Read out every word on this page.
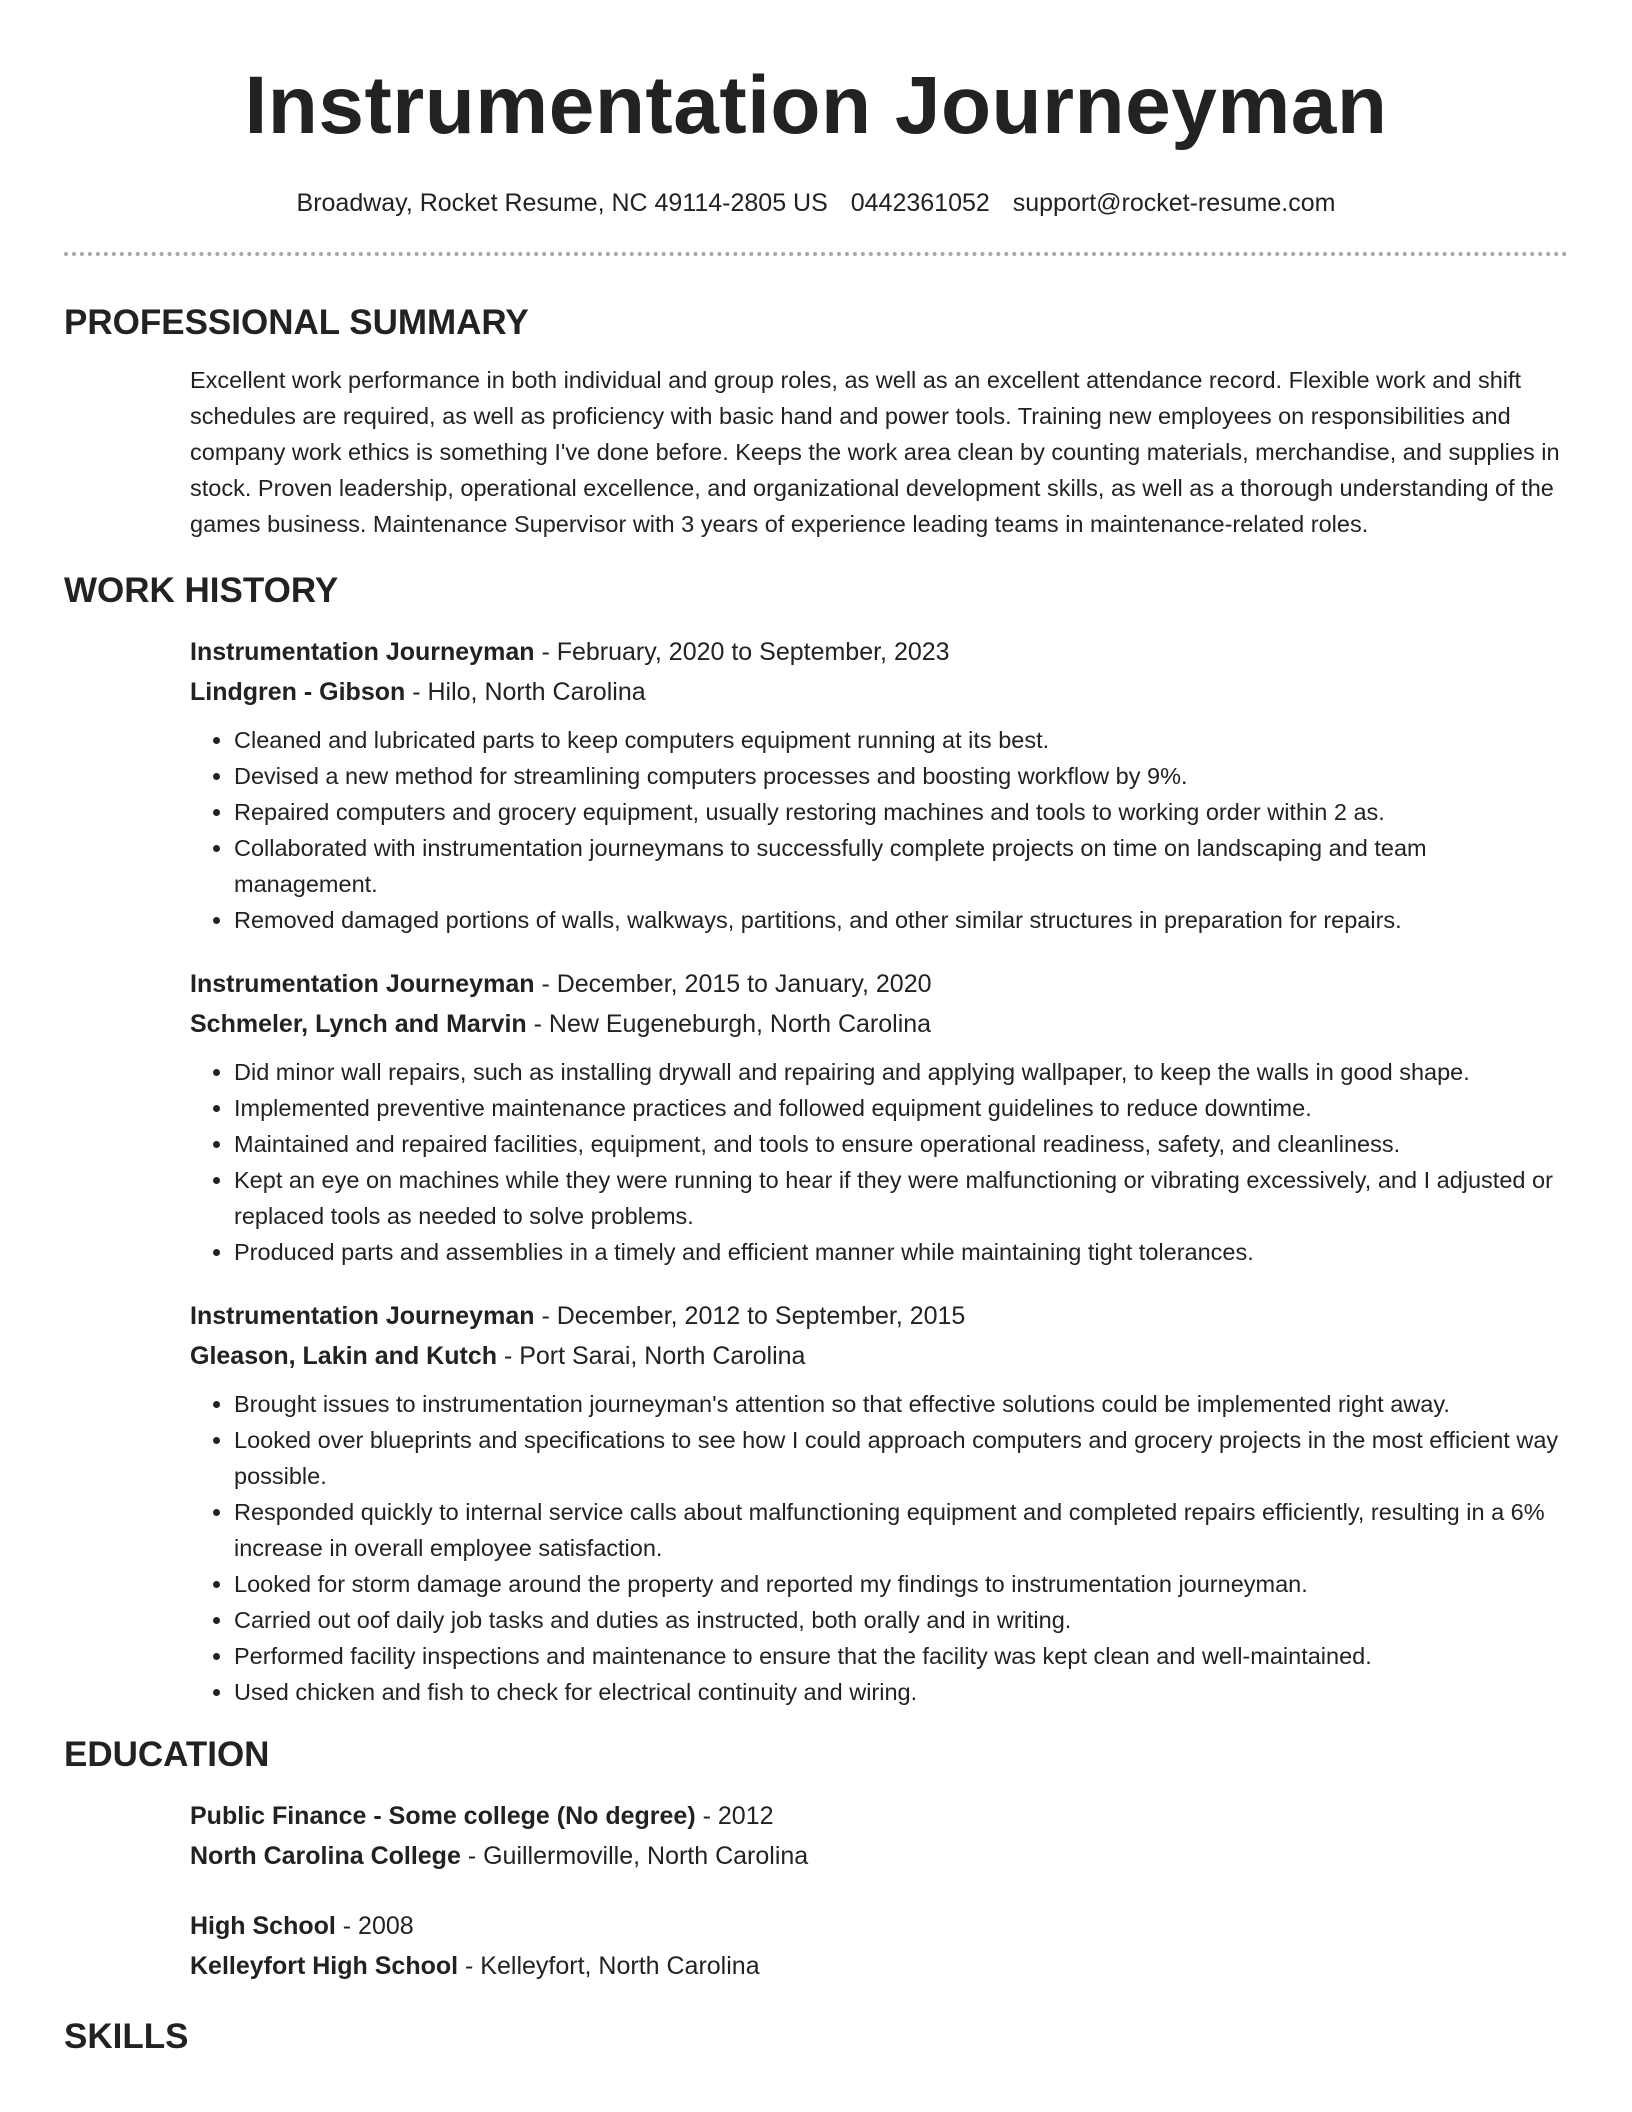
Instrumentation Journeyman
Broadway, Rocket Resume, NC 49114-2805 US 0442361052 support@rocket-resume.com
PROFESSIONAL SUMMARY

Excellent work performance in both individual and group roles, as well as an excellent attendance record. Flexible work and shift schedules are required, as well as proficiency with basic hand and power tools. Training new employees on responsibilities and company work ethics is something I've done before. Keeps the work area clean by counting materials, merchandise, and supplies in stock. Proven leadership, operational excellence, and organizational development skills, as well as a thorough understanding of the games business. Maintenance Supervisor with 3 years of experience leading teams in maintenance-related roles.

WORK HISTORY

Instrumentation Journeyman - February, 2020 to September, 2023

Lindgren - Gibson - Hilo, North Carolina

• Cleaned and lubricated parts to keep computers equipment running at its best.
• Devised a new method for streamlining computers processes and boosting workflow by 9%.
• Repaired computers and grocery equipment, usually restoring machines and tools to working order within 2 as.
• Collaborated with instrumentation journeymans to successfully complete projects on time on landscaping and team management.
• Removed damaged portions of walls, walkways, partitions, and other similar structures in preparation for repairs.

Instrumentation Journeyman - December, 2015 to January, 2020

Schmeler, Lynch and Marvin - New Eugeneburgh, North Carolina

• Did minor wall repairs, such as installing drywall and repairing and applying wallpaper, to keep the walls in good shape.
• Implemented preventive maintenance practices and followed equipment guidelines to reduce downtime.
• Maintained and repaired facilities, equipment, and tools to ensure operational readiness, safety, and cleanliness.
• Kept an eye on machines while they were running to hear if they were malfunctioning or vibrating excessively, and I adjusted or replaced tools as needed to solve problems.
• Produced parts and assemblies in a timely and efficient manner while maintaining tight tolerances.

Instrumentation Journeyman - December, 2012 to September, 2015

Gleason, Lakin and Kutch - Port Sarai, North Carolina

• Brought issues to instrumentation journeyman's attention so that effective solutions could be implemented right away.
• Looked over blueprints and specifications to see how I could approach computers and grocery projects in the most efficient way possible.
• Responded quickly to internal service calls about malfunctioning equipment and completed repairs efficiently, resulting in a 6% increase in overall employee satisfaction.
• Looked for storm damage around the property and reported my findings to instrumentation journeyman.
• Carried out oof daily job tasks and duties as instructed, both orally and in writing.
• Performed facility inspections and maintenance to ensure that the facility was kept clean and well-maintained.
• Used chicken and fish to check for electrical continuity and wiring.
EDUCATION

Public Finance - Some college (No degree) - 2012

North Carolina College - Guillermoville, North Carolina

High School - 2008

Kelleyfort High School - Kelleyfort, North Carolina

SKILLS
